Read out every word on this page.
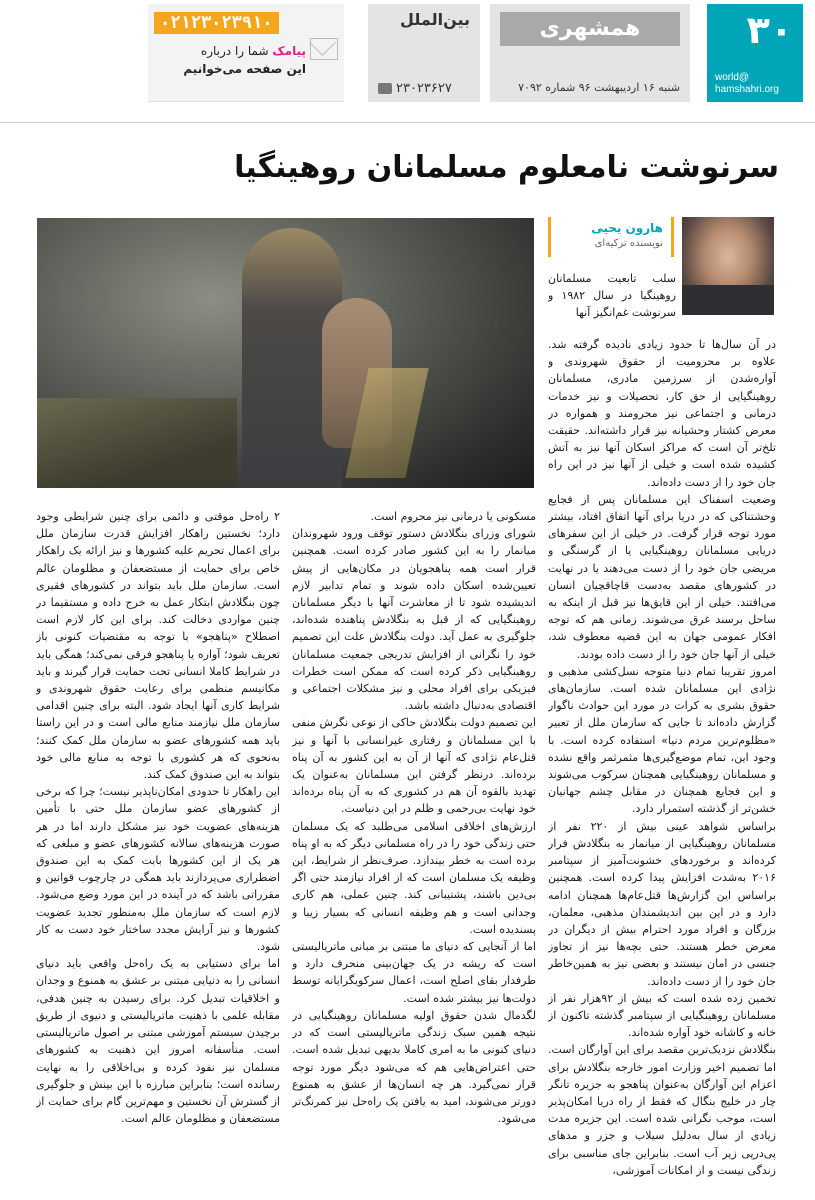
۳۰
world@ hamshahri.org
همشهری
شنبه ۱۶ اردیبهشت ۹۶ شماره ۷۰۹۲
بین‌الملل
۲۳۰۲۳۶۲۷
۰۲۱۲۳۰۲۳۹۱۰
پیامک شما را درباره
این صفحه می‌خوانیم
سرنوشت نامعلوم مسلمانان روهینگیا
هارون یحیی
نویسنده ترکیه‌ای

سلب تابعیت مسلمانان روهینگیا در سال ۱۹۸۲ و سرنوشت غم‌انگیز آنها

در آن سال‌ها تا حدود زیادی نادیده گرفته شد. علاوه بر محرومیت از حقوق شهروندی و آواره‌شدن از سرزمین مادری، مسلمانان روهینگیایی از حق کار، تحصیلات و نیز خدمات درمانی و اجتماعی نیز محرومند و همواره در معرض کشتار وحشیانه نیز قرار داشته‌اند. حقیقت تلخ‌تر آن است که مراکز اسکان آنها نیز به آتش کشیده شده است و خیلی از آنها نیز در این راه جان خود را از دست داده‌اند.

وضعیت اسفناک این مسلمانان پس از فجایع وحشتناکی که در دریا برای آنها اتفاق افتاد، بیشتر مورد توجه قرار گرفت. در خیلی از این سفرهای دریایی مسلمانان روهینگیایی یا از گرسنگی و مریضی جان خود را از دست می‌دهند یا در نهایت در کشورهای مقصد به‌دست قاچاقچیان انسان می‌افتند. خیلی از این قایق‌ها نیز قبل از اینکه به ساحل برسند غرق می‌شوند. زمانی هم که توجه افکار عمومی جهان به این قضیه معطوف شد، خیلی از آنها جان خود را از دست داده بودند.

امروز تقریبا تمام دنیا متوجه نسل‌کشی مذهبی و نژادی این مسلمانان شده است. سازمان‌های حقوق بشری به کرات در مورد این حوادث ناگوار گزارش داده‌اند تا جایی که سازمان ملل از تعبیر «مظلوم‌ترین مردم دنیا» استفاده کرده است. با وجود این، تمام موضع‌گیری‌ها مثمرثمر واقع نشده و مسلمانان روهینگیایی همچنان سرکوب می‌شوند و این فجایع همچنان در مقابل چشم جهانیان خشن‌تر از گذشته استمرار دارد.

براساس شواهد عینی بیش از ۲۲۰ نفر از مسلمانان روهینگیایی از میانمار به بنگلادش فرار کرده‌اند و برخوردهای خشونت‌آمیز از سپتامبر ۲۰۱۶ به‌شدت افزایش پیدا کرده است. همچنین براساس این گزارش‌ها قتل‌عام‌ها همچنان ادامه دارد و در این بین اندیشمندان مذهبی، معلمان، بزرگان و افراد مورد احترام بیش از دیگران در معرض خطر هستند. حتی بچه‌ها نیز از تجاوز جنسی در امان نیستند و بعضی نیز به همین‌خاطر جان خود را از دست داده‌اند.

تخمین زده شده است که بیش از ۹۲هزار نفر از مسلمانان روهینگیایی از سپتامبر گذشته تاکنون از خانه و کاشانه خود آواره شده‌اند.

بنگلادش نزدیک‌ترین مقصد برای این آوارگان است. اما تصمیم اخیر وزارت امور خارجه بنگلادش برای اعزام این آوارگان به‌عنوان پناهجو به جزیره تانگر چار در خلیج بنگال که فقط از راه دریا امکان‌پذیر است، موجب نگرانی شده است. این جزیره مدت زیادی از سال به‌دلیل سیلاب و جزر و مدهای پی‌درپی زیر آب است. بنابراین جای مناسبی برای زندگی نیست و از امکانات آموزشی،

مسکونی یا درمانی نیز محروم است.

شورای وزرای بنگلادش دستور توقف ورود شهروندان میانمار را به این کشور صادر کرده است. همچنین قرار است همه پناهجویان در مکان‌هایی از پیش تعیین‌شده اسکان داده شوند و تمام تدابیر لازم اندیشیده شود تا از معاشرت آنها با دیگر مسلمانان روهینگیایی که از قبل به بنگلادش پناهنده شده‌اند، جلوگیری به عمل آید. دولت بنگلادش علت این تصمیم خود را نگرانی از افزایش تدریجی جمعیت مسلمانان روهینگیایی ذکر کرده است که ممکن است خطرات فیزیکی برای افراد محلی و نیز مشکلات اجتماعی و اقتصادی به‌دنبال داشته باشد.

این تصمیم دولت بنگلادش حاکی از نوعی نگرش منفی با این مسلمانان و رفتاری غیرانسانی با آنها و نیز قتل‌عام نژادی که آنها از آن به این کشور به آن پناه برده‌اند. درنظر گرفتن این مسلمانان به‌عنوان یک تهدید بالقوه آن هم در کشوری که به آن پناه برده‌اند خود نهایت بی‌رحمی و ظلم در این دنیاست.

ارزش‌های اخلاقی اسلامی می‌طلبد که یک مسلمان حتی زندگی خود را در راه مسلمانی دیگر که به او پناه برده است به خطر بیندازد. صرف‌نظر از شرایط، این وظیفه یک مسلمان است که از افراد نیازمند حتی اگر بی‌دین باشند، پشتیبانی کند. چنین عملی، هم کاری وجدانی است و هم وظیفه انسانی که بسیار زیبا و پسندیده است.

اما از آنجایی که دنیای ما مبتنی بر مبانی ماتریالیستی است که ریشه در یک جهان‌بینی منحرف دارد و طرفدار بقای اصلح است، اعمال سرکوبگرایانه توسط دولت‌ها نیز بیشتر شده است.

لگدمال شدن حقوق اولیه مسلمانان روهینگیایی در نتیجه همین سبک زندگی ماتریالیستی است که در دنیای کنونی ما به امری کاملا بدیهی تبدیل شده است. حتی اعتراض‌هایی هم که می‌شود دیگر مورد توجه قرار نمی‌گیرد. هر چه انسان‌ها از عشق به همنوع دورتر می‌شوند، امید به یافتن یک راه‌حل نیز کمرنگ‌تر می‌شود.

۲ راه‌حل موقتی و دائمی برای چنین شرایطی وجود دارد؛ نخستین راهکار افزایش قدرت سازمان ملل برای اعمال تحریم علیه کشورها و نیز ارائه یک راهکار خاص برای حمایت از مستضعفان و مظلومان عالم است. سازمان ملل باید بتواند در کشورهای فقیری چون بنگلادش ابتکار عمل به خرج داده و مستقیما در چنین مواردی دخالت کند. برای این کار لازم است اصطلاح «پناهجو» با توجه به مقتضیات کنونی باز تعریف شود؛ آواره یا پناهجو فرقی نمی‌کند؛ همگی باید در شرایط کاملا انسانی تحت حمایت قرار گیرند و باید مکانیسم منظمی برای رعایت حقوق شهروندی و شرایط کاری آنها ایجاد شود. البته برای چنین اقدامی سازمان ملل نیازمند منابع مالی است و در این راستا باید همه کشورهای عضو به سازمان ملل کمک کنند؛ به‌نحوی که هر کشوری با توجه به منابع مالی خود بتواند به این صندوق کمک کند.

این راهکار تا حدودی امکان‌ناپذیر نیست؛ چرا که برخی از کشورهای عضو سازمان ملل حتی با تأمین هزینه‌های عضویت خود نیز مشکل دارند اما در هر صورت هزینه‌های سالانه کشورهای عضو و مبلغی که هر یک از این کشورها بابت کمک به این صندوق اضطراری می‌پردازند باید همگی در چارچوب قوانین و مقرراتی باشد که در آینده در این مورد وضع می‌شود. لازم است که سازمان ملل به‌منظور تجدید عضویت کشورها و نیز آرایش مجدد ساختار خود دست به کار شود.

اما برای دستیابی به یک راه‌حل واقعی باید دنیای انسانی را به دنیایی مبتنی بر عشق به همنوع و وجدان و اخلاقیات تبدیل کرد. برای رسیدن به چنین هدفی، مقابله علمی با ذهنیت ماتریالیستی و دنیوی از طریق برچیدن سیستم آموزشی مبتنی بر اصول ماتریالیستی است. متأسفانه امروز این ذهنیت به کشورهای مسلمان نیز نفوذ کرده و بی‌اخلاقی را به نهایت رسانده است؛ بنابراین مبارزه با این بینش و جلوگیری از گسترش آن نخستین و مهم‌ترین گام برای حمایت از مستضعفان و مظلومان عالم است.
